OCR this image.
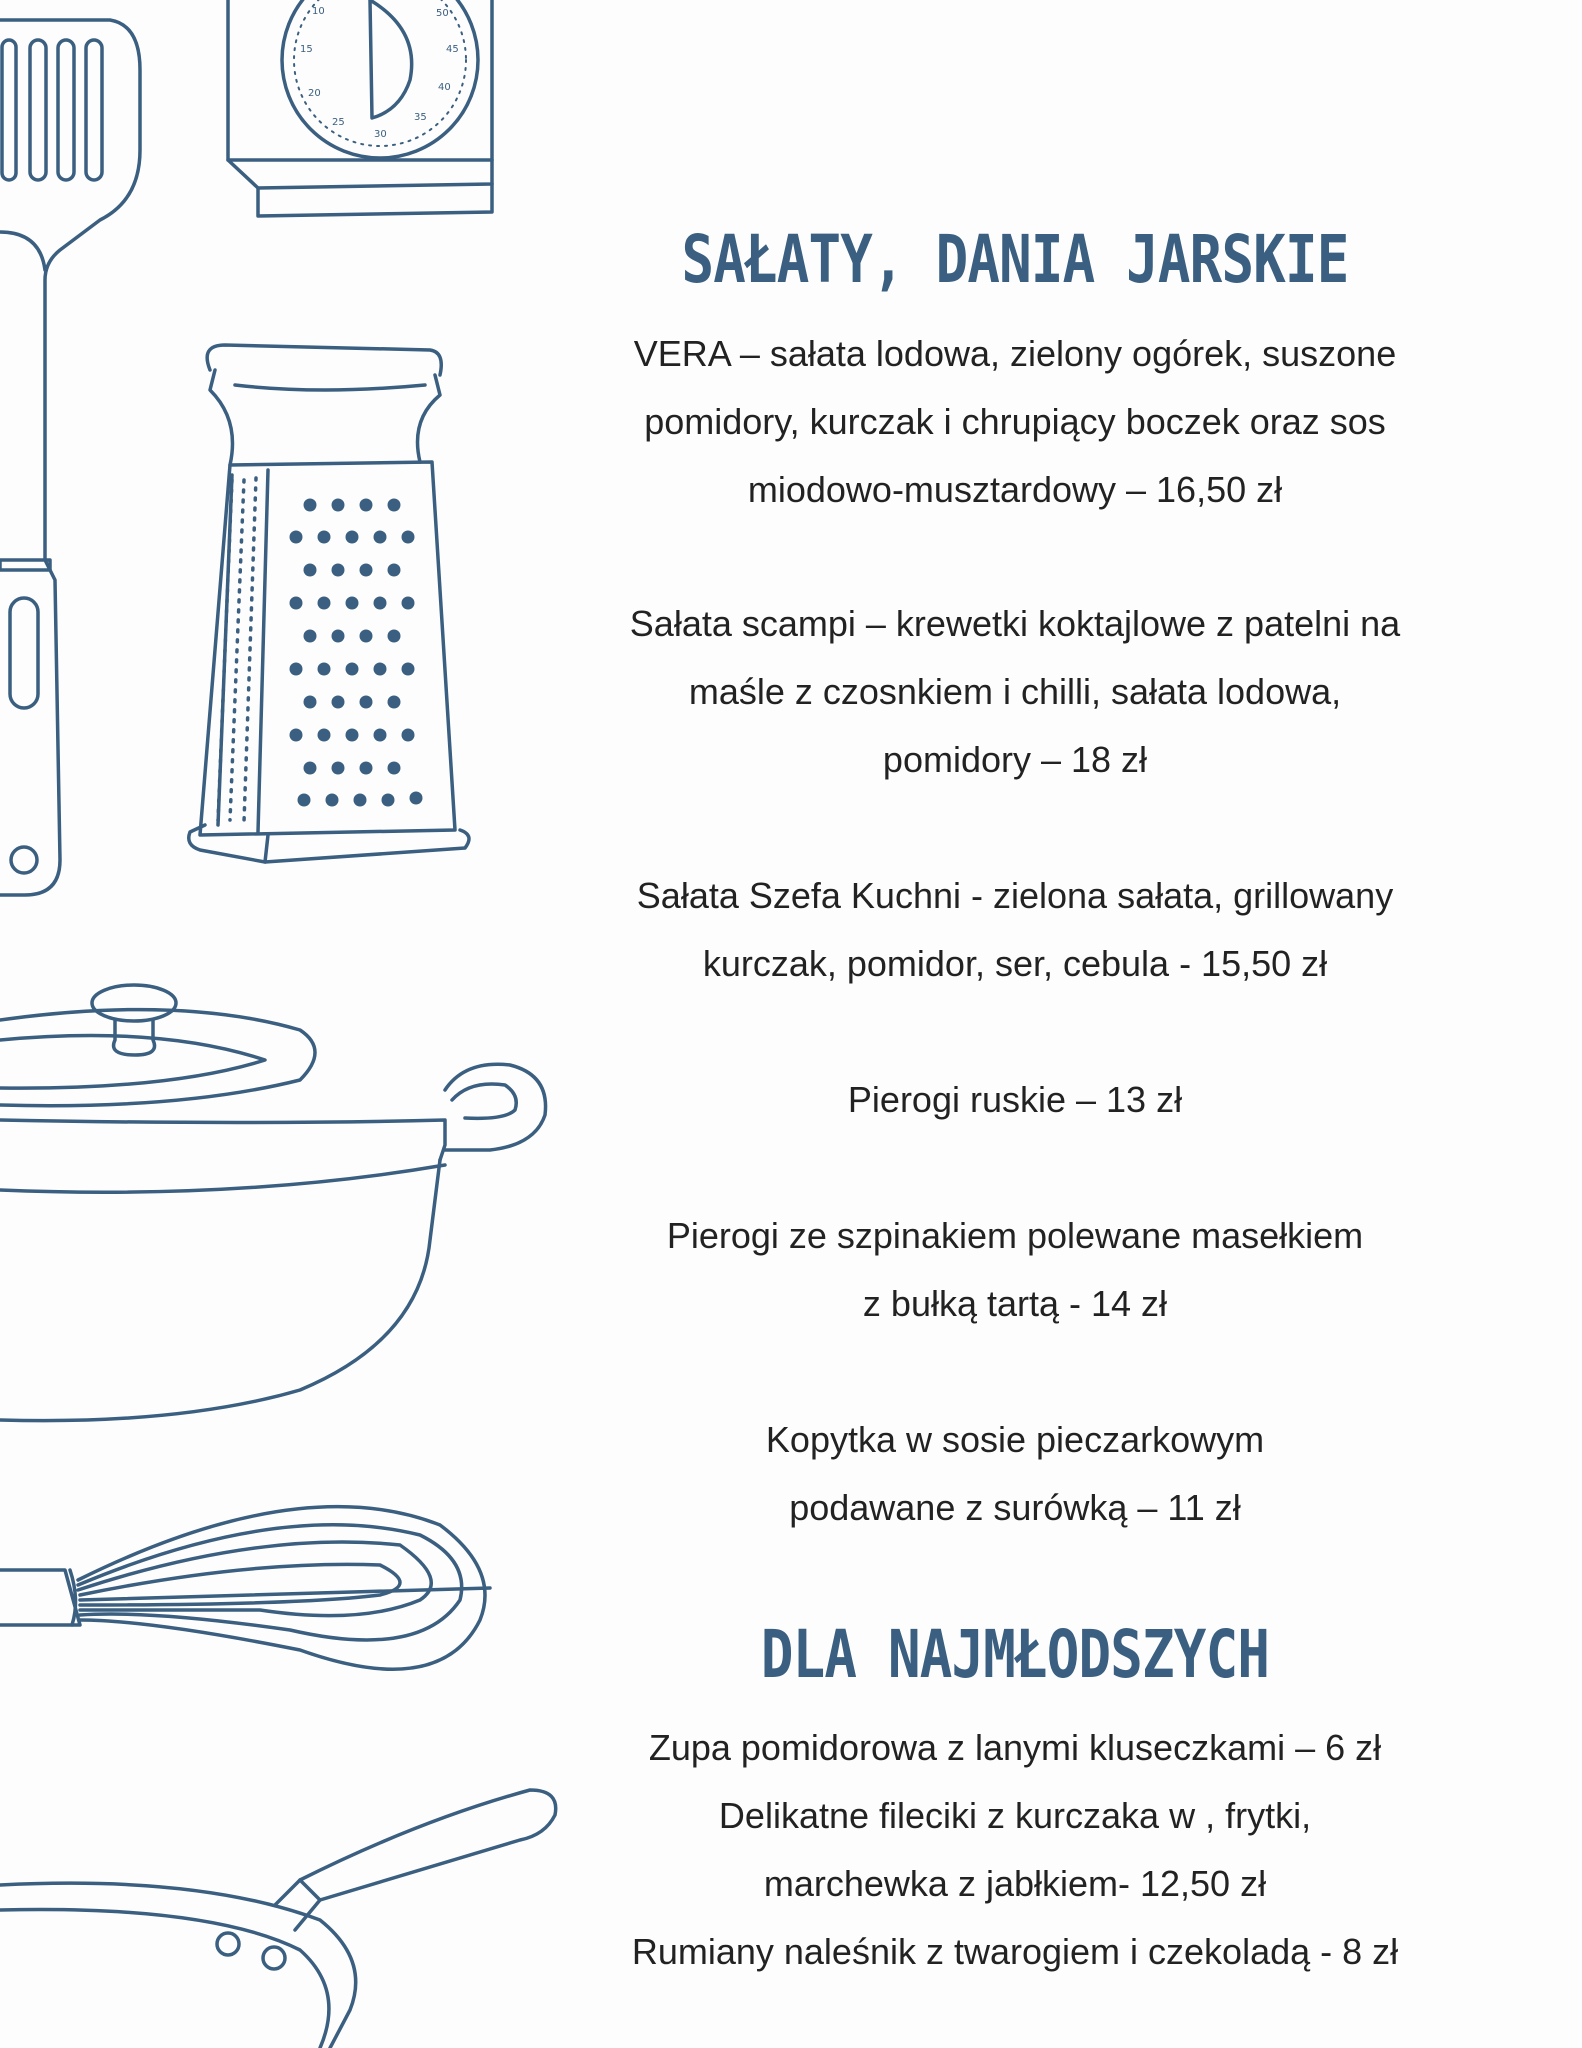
10
15
20
25
30
35
40
45
50
SAŁATY, DANIA JARSKIE
VERA – sałata lodowa, zielony ogórek, suszone
pomidory, kurczak i chrupiący boczek oraz sos
miodowo-musztardowy – 16,50 zł
Sałata scampi – krewetki koktajlowe z patelni na
maśle z czosnkiem i chilli, sałata lodowa,
pomidory – 18 zł
Sałata Szefa Kuchni - zielona sałata, grillowany
kurczak, pomidor, ser, cebula - 15,50 zł
Pierogi ruskie – 13 zł
Pierogi ze szpinakiem polewane masełkiem
z bułką tartą - 14 zł
Kopytka w sosie pieczarkowym
podawane z surówką – 11 zł
DLA NAJMŁODSZYCH
Zupa pomidorowa z lanymi kluseczkami – 6 zł
Delikatne fileciki z kurczaka w , frytki,
marchewka z jabłkiem- 12,50 zł
Rumiany naleśnik z twarogiem i czekoladą - 8 zł
